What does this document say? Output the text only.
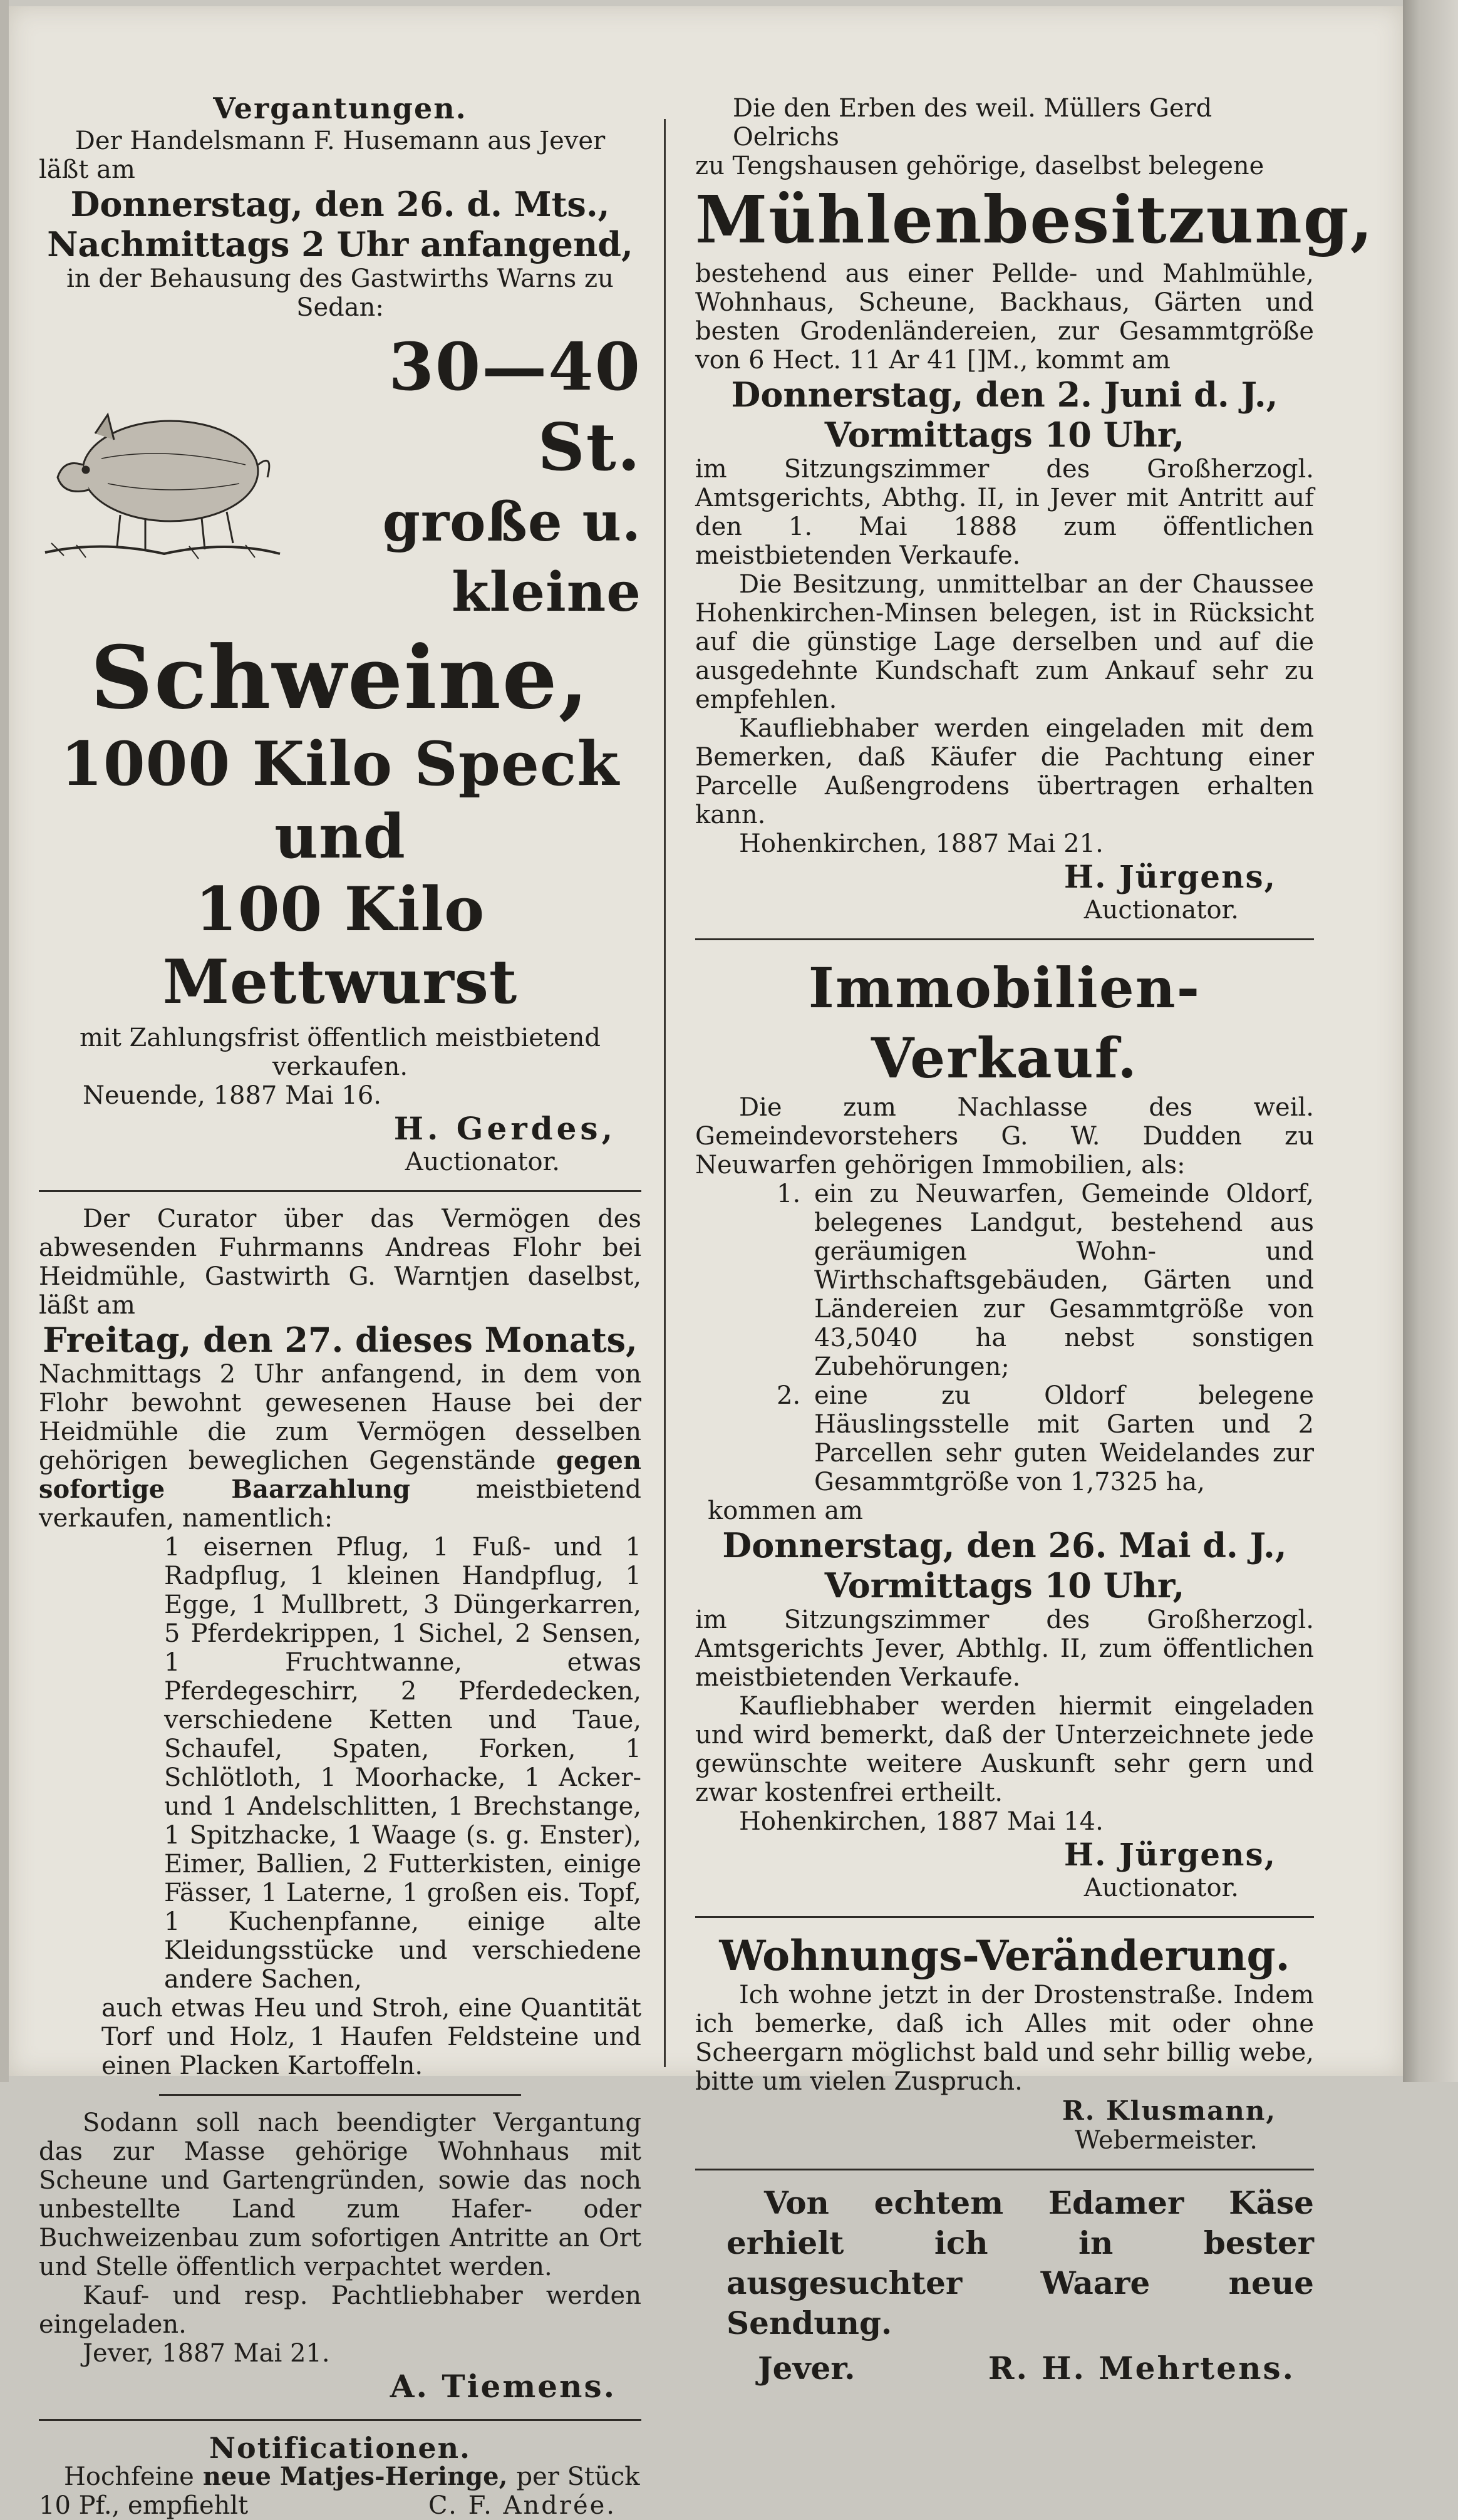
Vergantungen.

Der Handelsmann F. Husemann aus Jever

läßt am

Donnerstag, den 26. d. Mts.,

Nachmittags 2 Uhr anfangend,

in der Behausung des Gastwirths Warns zu Sedan:

30—40 St.

große u. kleine

Schweine,

1000 Kilo Speck und

100 Kilo Mettwurst

mit Zahlungsfrist öffentlich meistbietend verkaufen.

Neuende, 1887 Mai 16.

H. Gerdes,

Auctionator.

Der Curator über das Vermögen des abwesenden Fuhrmanns Andreas Flohr bei Heidmühle, Gastwirth G. Warntjen daselbst, läßt am

Freitag, den 27. dieses Monats,

Nachmittags 2 Uhr anfangend, in dem von Flohr bewohnt gewesenen Hause bei der Heidmühle die zum Vermögen desselben gehörigen beweglichen Gegenstände gegen sofortige Baarzahlung	meistbietend verkaufen, namentlich:

1 eisernen Pflug, 1 Fuß- und 1 Radpflug, 1 kleinen Handpflug, 1 Egge, 1 Mullbrett, 3 Düngerkarren, 5 Pferdekrippen, 1 Sichel, 2 Sensen, 1 Fruchtwanne, etwas Pferdegeschirr, 2 Pferdedecken, verschiedene Ketten und Taue, Schaufel, Spaten, Forken, 1 Schlötloth, 1 Moorhacke, 1 Acker- und 1 Andelschlitten, 1 Brechstange, 1 Spitzhacke, 1 Waage (s. g. Enster), Eimer, Ballien, 2 Futterkisten, einige Fässer, 1 Laterne, 1 großen eis. Topf, 1 Kuchenpfanne, einige alte Kleidungsstücke und verschiedene andere Sachen,

auch etwas Heu und Stroh, eine Quantität Torf und Holz, 1 Haufen Feldsteine und einen Placken Kartoffeln.

Sodann soll nach beendigter Vergantung das zur Masse gehörige Wohnhaus mit Scheune und Gartengründen, sowie das noch unbestellte Land zum Hafer- oder Buchweizenbau zum sofortigen Antritte an Ort und Stelle öffentlich verpachtet werden.

Kauf- und resp. Pachtliebhaber werden eingeladen.

Jever, 1887 Mai 21.

A. Tiemens.

Notificationen.

Hochfeine neue Matjes-Heringe, per Stück

10 Pf., empfiehlt	C. F. Andrée.

Die den Erben des weil. Müllers Gerd Oelrichs

zu Tengshausen gehörige, daselbst belegene

Mühlenbesitzung,

bestehend aus einer Pellde- und Mahlmühle, Wohnhaus, Scheune, Backhaus, Gärten und besten Grodenländereien, zur Gesammtgröße von 6 Hect. 11 Ar 41 []M., kommt am

Donnerstag, den 2. Juni d. J.,

Vormittags 10 Uhr,

im Sitzungszimmer des Großherzogl. Amtsgerichts, Abthg. II, in Jever mit Antritt auf den 1. Mai 1888 zum öffentlichen meistbietenden Verkaufe.

Die Besitzung, unmittelbar an der Chaussee Hohenkirchen-Minsen belegen, ist in Rücksicht auf die günstige Lage derselben und auf die ausgedehnte Kundschaft zum Ankauf sehr zu empfehlen.

Kaufliebhaber werden eingeladen mit dem Bemerken, daß Käufer die Pachtung einer Parcelle Außengrodens übertragen erhalten kann.

Hohenkirchen, 1887 Mai 21.

H. Jürgens,

Auctionator.

Immobilien-Verkauf.

Die zum Nachlasse des weil. Gemeindevorstehers G. W. Dudden zu Neuwarfen gehörigen Immobilien, als:

1. ein zu Neuwarfen, Gemeinde Oldorf, belegenes Landgut, bestehend aus geräumigen Wohn- und Wirthschaftsgebäuden, Gärten und Ländereien zur Gesammtgröße von 43,5040 ha nebst sonstigen Zubehörungen;
2. eine zu Oldorf belegene Häuslingsstelle mit Garten und 2 Parcellen sehr guten Weidelandes zur Gesammtgröße von 1,7325 ha,

kommen am

Donnerstag, den 26. Mai d. J.,

Vormittags 10 Uhr,

im Sitzungszimmer des Großherzogl. Amtsgerichts Jever, Abthlg. II, zum öffentlichen meistbietenden Verkaufe.

Kaufliebhaber werden hiermit eingeladen und wird bemerkt, daß der Unterzeichnete jede gewünschte weitere Auskunft sehr gern und zwar kostenfrei ertheilt.

Hohenkirchen, 1887 Mai 14.

H. Jürgens,

Auctionator.

Wohnungs-Veränderung.

Ich wohne jetzt in der Drostenstraße. Indem ich bemerke, daß ich Alles mit oder ohne Scheergarn möglichst bald und sehr billig webe, bitte um vielen Zuspruch.

R. Klusmann,

Webermeister.

Von echtem Edamer Käse erhielt ich in bester ausgesuchter Waare neue Sendung.

Jever.	R. H. Mehrtens.
